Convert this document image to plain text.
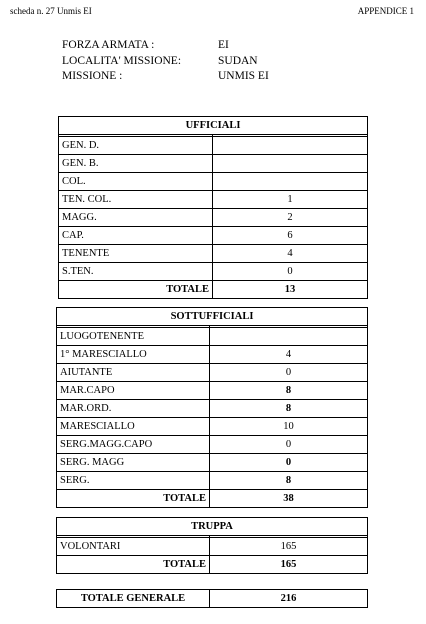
scheda n. 27 Unmis EI	APPENDICE 1
FORZA ARMATA :	EI
LOCALITA' MISSIONE:	SUDAN
MISSIONE :	UNMIS EI
UFFICIALI	

GEN. D.	
GEN. B.	
COL.	
TEN. COL.	1
MAGG.	2
CAP.	6
TENENTE	4
S.TEN.	0
TOTALE	13
SOTTUFFICIALI	

LUOGOTENENTE	
1° MARESCIALLO	4
AIUTANTE	0
MAR.CAPO	8
MAR.ORD.	8
MARESCIALLO	10
SERG.MAGG.CAPO	0
SERG. MAGG	0
SERG.	8
TOTALE	38
TRUPPA	

VOLONTARI	165
TOTALE	165
TOTALE GENERALE	216
